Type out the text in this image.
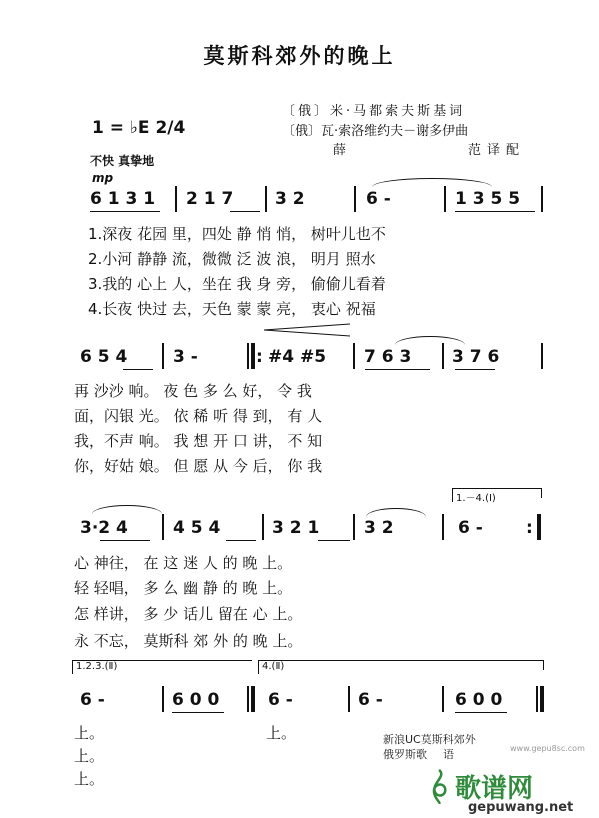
莫斯科郊外的晚上
〔俄〕米·马都索夫斯基词
〔俄〕瓦·索洛维约夫－谢多伊曲
薛	范译配
1 = ♭E 2/4
不快 真挚地
mp
6 1 3 1 2 1 7 3 2	6 -	1 3 5 5
1.深夜 花园 里，四处 静 悄 悄， 树叶儿也不
2.小河 静静 流，微微 泛 波 浪， 明月 照水
3.我的 心上 人，坐在 我 身 旁， 偷偷儿看着
4.长夜 快过 去，天色 蒙 蒙 亮， 衷心 祝福
6 5 4	3 -	: #4 #5 7 6 3 3 7 6
再 沙沙 响。 夜 色 多 么 好， 令 我
面，闪银 光。 依 稀 听 得 到， 有 人
我，不声 响。 我 想 开 口 讲， 不 知
你，好姑 娘。 但 愿 从 今 后， 你 我
1.－4.(Ⅰ)
3·2 4	4 5 4	3 2 1	3 2	6 -	:
心 神往， 在 这 迷 人 的 晚 上。
轻 轻唱， 多 么 幽 静 的 晚 上。
怎 样讲， 多 少 话儿 留在 心 上。
永 不忘， 莫斯科 郊 外 的 晚 上。
1.2.3.(Ⅱ)	4.(Ⅱ)
6 -	6 0 0	6 -	6 -	6 0 0
上。
上。
上。
上。	新浪UC莫斯科郊外
俄罗斯歌 语	www.gepu8sc.com
歌谱网
gepuwang.net
